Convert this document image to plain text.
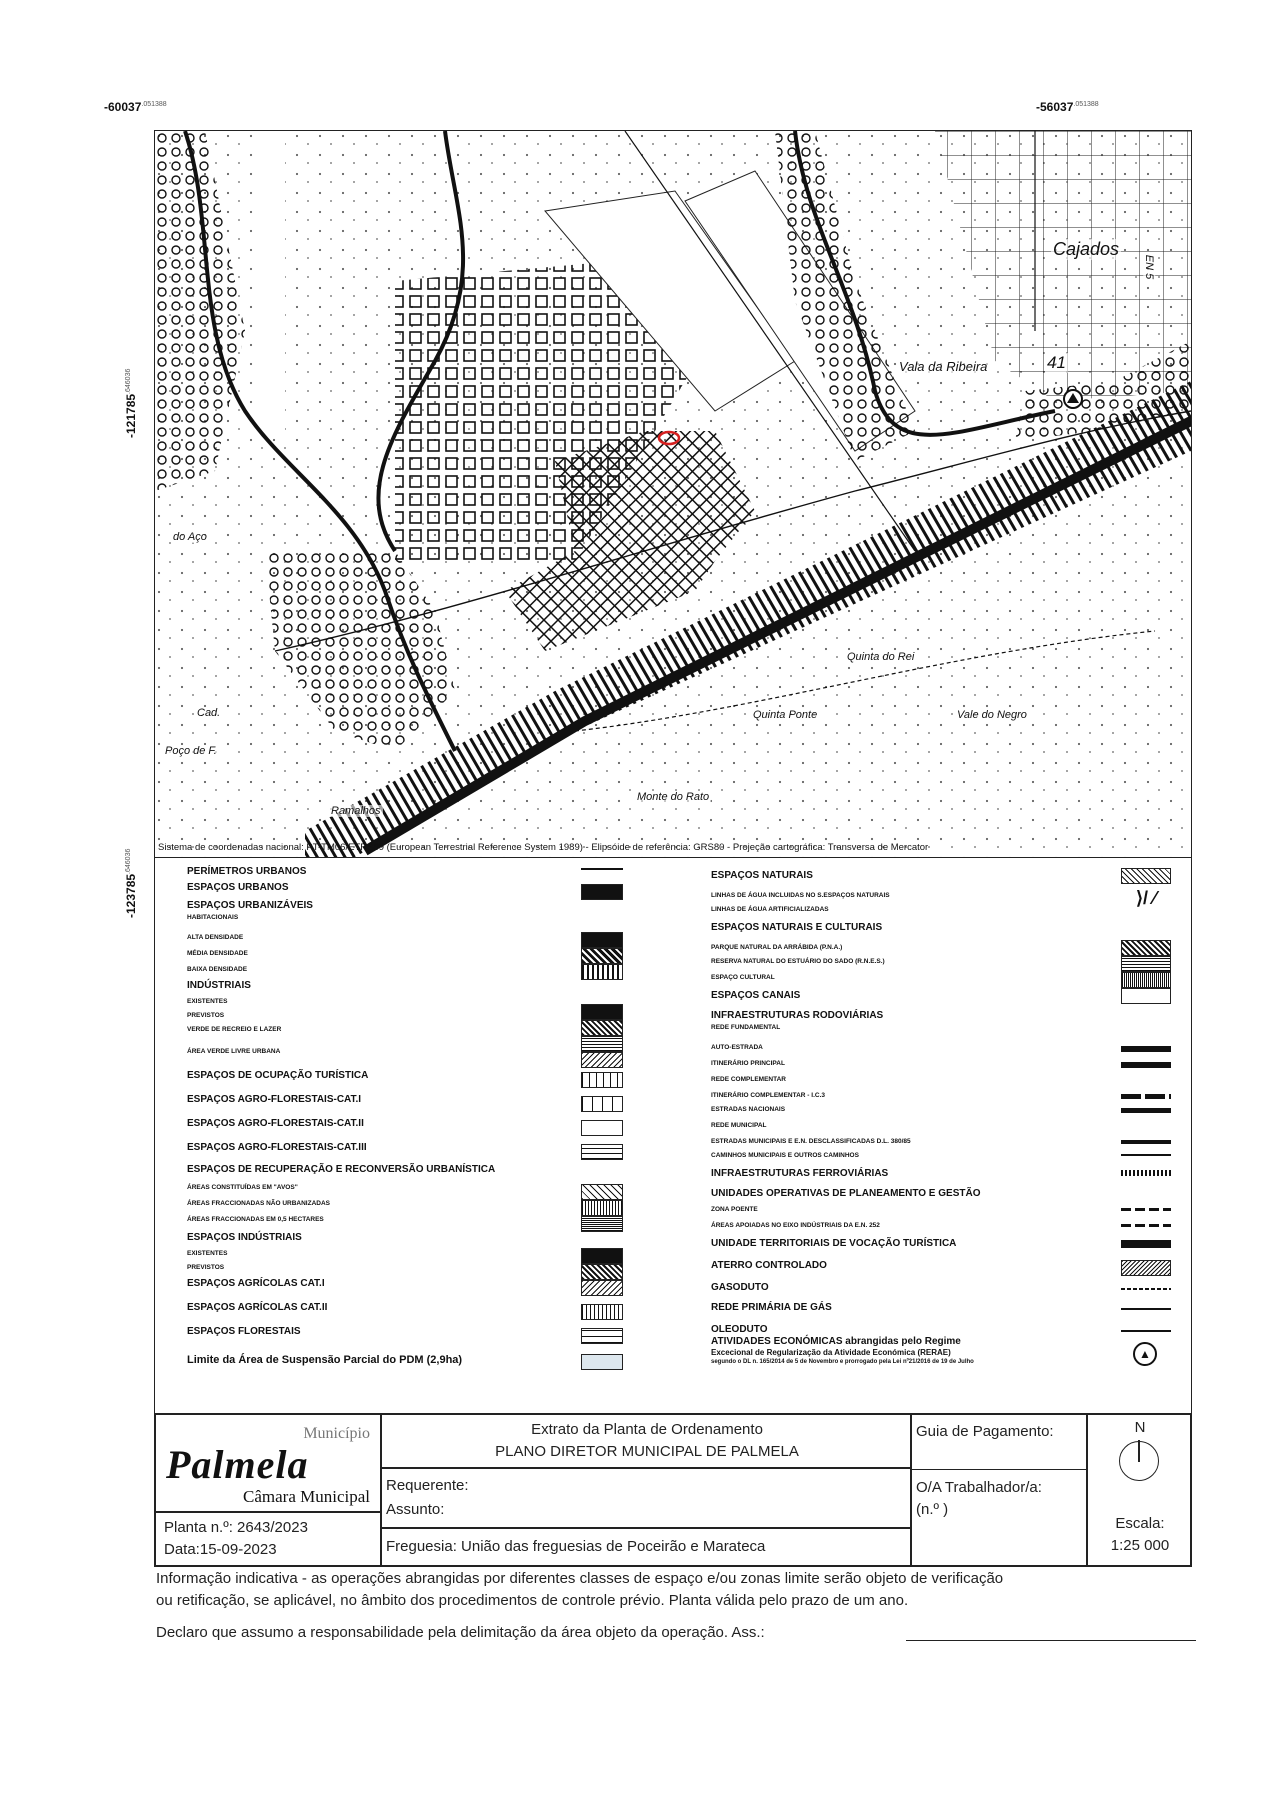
$-60037^{.051388}$	$-56037^{.051388}$
$-121785^{.646036}$
$-123785^{.646036}$
Cajados
Vala da Ribeira	41
do Aço
Cad.	Quinta Ponte	Vale do Negro
Poço de F.
Ramalhos
Monte do Rato
EN 5
Quinta do Rei
Sistema de coordenadas nacional: PT-TM06/ETRS89 (European Terrestrial Reference System 1989) - Elipsóide de referência: GRS80 - Projeção cartográfica: Transversa de Mercator
PERÍMETROS URBANOS
ESPAÇOS URBANOS
ESPAÇOS URBANIZÁVEIS
HABITACIONAIS
ALTA DENSIDADE
MÉDIA DENSIDADE
BAIXA DENSIDADE
INDÚSTRIAIS
EXISTENTES
PREVISTOS
VERDE DE RECREIO E LAZER
ÁREA VERDE LIVRE URBANA
ESPAÇOS DE OCUPAÇÃO TURÍSTICA
ESPAÇOS AGRO-FLORESTAIS-CAT.I
ESPAÇOS AGRO-FLORESTAIS-CAT.II
ESPAÇOS AGRO-FLORESTAIS-CAT.III
ESPAÇOS DE RECUPERAÇÃO E RECONVERSÃO URBANÍSTICA
ÁREAS CONSTITUÍDAS EM "AVOS"
ÁREAS FRACCIONADAS NÃO URBANIZADAS
ÁREAS FRACCIONADAS EM 0,5 HECTARES
ESPAÇOS INDÚSTRIAIS
EXISTENTES
PREVISTOS
ESPAÇOS AGRÍCOLAS CAT.I
ESPAÇOS AGRÍCOLAS CAT.II
ESPAÇOS FLORESTAIS
Limite da Área de Suspensão Parcial do PDM (2,9ha)
ESPAÇOS NATURAIS
LINHAS DE ÁGUA INCLUIDAS NO S.ESPAÇOS NATURAIS
LINHAS DE ÁGUA ARTIFICIALIZADAS
ESPAÇOS NATURAIS E CULTURAIS
PARQUE NATURAL DA ARRÁBIDA (P.N.A.)
RESERVA NATURAL DO ESTUÁRIO DO SADO (R.N.E.S.)
ESPAÇO CULTURAL
ESPAÇOS CANAIS
INFRAESTRUTURAS RODOVIÁRIAS
REDE FUNDAMENTAL
AUTO-ESTRADA
ITINERÁRIO PRINCIPAL
REDE COMPLEMENTAR
ITINERÁRIO COMPLEMENTAR - I.C.3
ESTRADAS NACIONAIS
REDE MUNICIPAL
ESTRADAS MUNICIPAIS E E.N. DESCLASSIFICADAS D.L. 380/85
CAMINHOS MUNICIPAIS E OUTROS CAMINHOS
INFRAESTRUTURAS FERROVIÁRIAS
UNIDADES OPERATIVAS DE PLANEAMENTO E GESTÃO
ZONA POENTE
ÁREAS APOIADAS NO EIXO INDÚSTRIAIS DA E.N. 252
UNIDADE TERRITORIAIS DE VOCAÇÃO TURÍSTICA
ATERRO CONTROLADO
GASODUTO
REDE PRIMÁRIA DE GÁS
OLEODUTO
ATIVIDADES ECONÓMICAS abrangidas pelo Regime
Excecional de Regularização da Atividade Económica (RERAE)
segundo o DL n. 165/2014 de 5 de Novembro e prorrogado pela Lei nº21/2016 de 19 de Julho
⟩/ ⁄
▲
Município
Palmela
Câmara Municipal
Planta n.º: 2643/2023
Data:15-09-2023
Extrato da Planta de Ordenamento
PLANO DIRETOR MUNICIPAL DE PALMELA
Requerente:
Assunto:
Freguesia: União das freguesias de Poceirão e Marateca
Guia de Pagamento:
O/A Trabalhador/a:
(n.º )
N
Escala:
1:25 000
Informação indicativa - as operações abrangidas por diferentes classes de espaço e/ou zonas limite serão objeto de verificação
ou retificação, se aplicável, no âmbito dos procedimentos de controle prévio. Planta válida pelo prazo de um ano.
Declaro que assumo a responsabilidade pela delimitação da área objeto da operação. Ass.:
